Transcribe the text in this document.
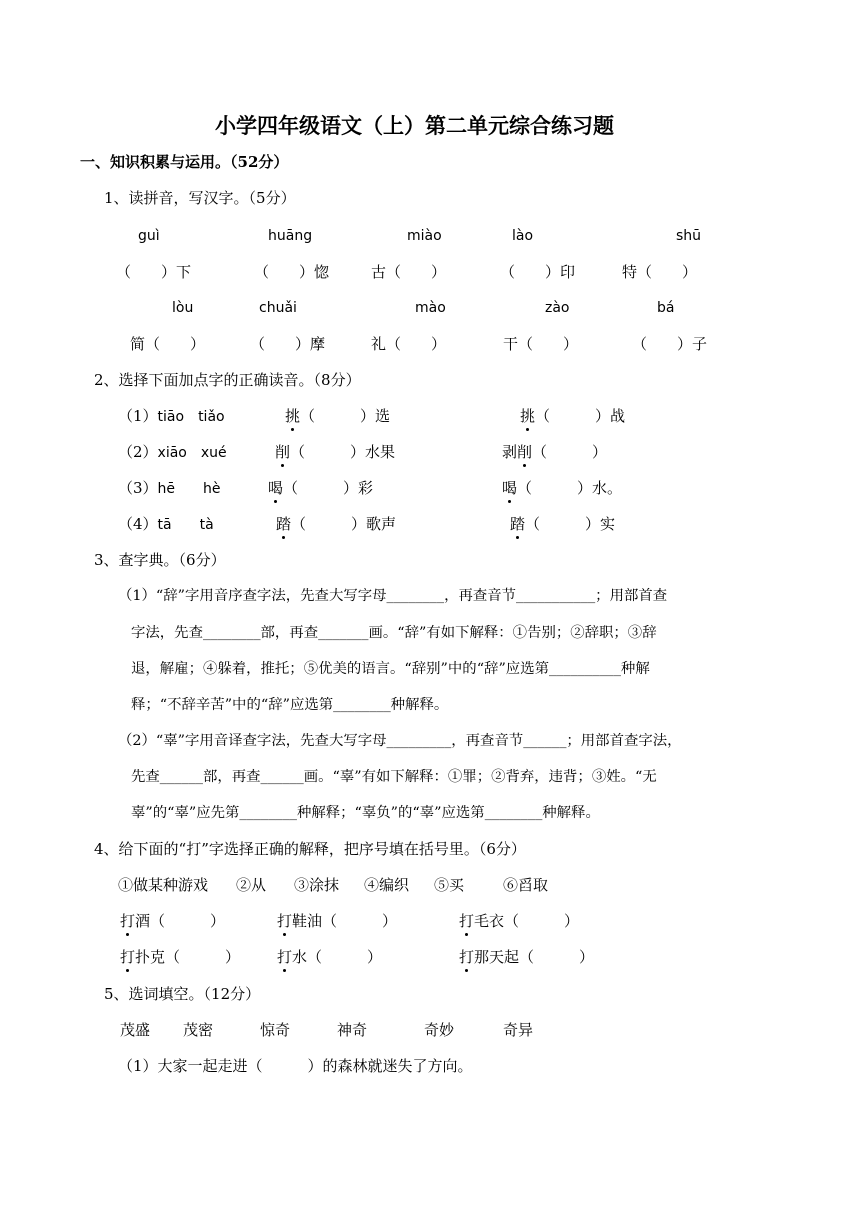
小学四年级语文（上）第二单元综合练习题
一、知识积累与运用。（52分）
1、读拼音，写汉字。（5分）
guì	huāng	miào	lào	shū
（　　）下	（　　）惚	古（　　）	（　　）印	特（　　）
lòu	chuǎi	mào	zào	bá
简（　　）	（　　）摩	礼（　　）	干（　　）	（　　）子
2、选择下面加点字的正确读音。（8分）
（1）tiāo　tiǎo	挑（　　　）选	挑（　　　）战
（2）xiāo　xué	削（　　　）水果	剥削（　　　）
（3）hē　　hè	喝（　　　）彩	喝（　　　）水。
（4）tā　　tà	踏（　　　）歌声	踏（　　　）实
3、查字典。（6分）
（1）“辞”字用音序查字法，先查大写字母________，再查音节___________；用部首查
字法，先查________部，再查_______画。“辞”有如下解释：①告别；②辞职；③辞
退，解雇；④躲着，推托；⑤优美的语言。“辞别”中的“辞”应选第__________种解
释；“不辞辛苦”中的“辞”应选第________种解释。
（2）“辜”字用音译查字法，先查大写字母_________，再查音节______；用部首查字法，
先查______部，再查______画。“辜”有如下解释：①罪；②背弃，违背；③姓。“无
辜”的“辜”应先第________种解释；“辜负”的“辜”应选第________种解释。
4、给下面的“打”字选择正确的解释，把序号填在括号里。（6分）
①做某种游戏 ②从 ③涂抹 ④编织 ⑤买	⑥舀取
打酒（　　　）	打鞋油（　　　）	打毛衣（　　　）
打扑克（　　　） 打水（　　　）	打那天起（　　　）
5、选词填空。（12分）
茂盛 茂密	惊奇	神奇	奇妙	奇异
（1）大家一起走进（　　　）的森林就迷失了方向。
